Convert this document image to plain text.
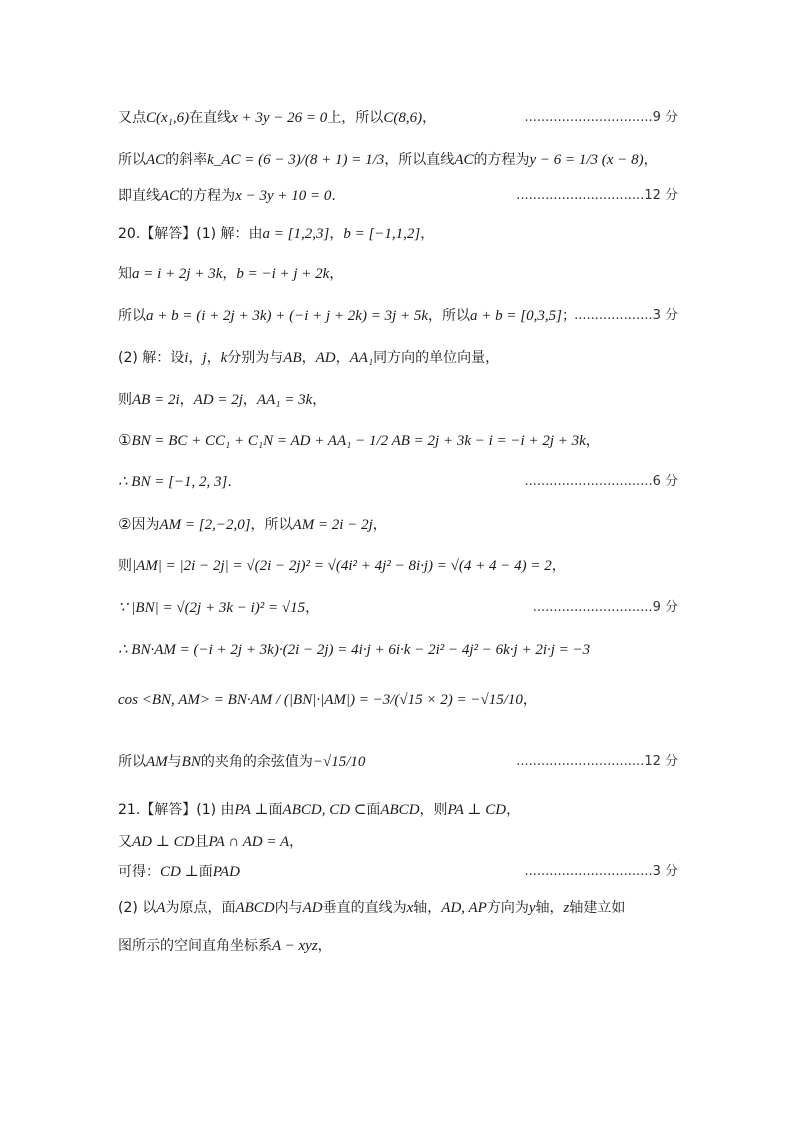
又点C(x₁,6)在直线x + 3y − 26 = 0上，所以C(8,6)，	...............................9 分
所以AC的斜率k_AC = (6 − 3)/(8 + 1) = 1/3，所以直线AC的方程为y − 6 = 1/3 (x − 8)，
即直线AC的方程为x − 3y + 10 = 0.	...............................12 分
20.【解答】(1) 解：由a = [1,2,3]，b = [−1,1,2]，
知a = i + 2j + 3k，b = −i + j + 2k，
所以a + b = (i + 2j + 3k) + (−i + j + 2k) = 3j + 5k，所以a + b = [0,3,5]；
...................3 分
(2) 解：设i，j，k分别为与AB，AD，AA₁同方向的单位向量，
则AB = 2i，AD = 2j，AA₁ = 3k，
①BN = BC + CC₁ + C₁N = AD + AA₁ − 1/2 AB = 2j + 3k − i = −i + 2j + 3k，
∴ BN = [−1, 2, 3].	...............................6 分
②因为AM = [2,−2,0]，所以AM = 2i − 2j，
则|AM| = |2i − 2j| = √(2i − 2j)² = √(4i² + 4j² − 8i·j) = √(4 + 4 − 4) = 2，
∵ |BN| = √(2j + 3k − i)² = √15，	.............................9 分
∴ BN·AM = (−i + 2j + 3k)·(2i − 2j) = 4i·j + 6i·k − 2i² − 4j² − 6k·j + 2i·j = −3
cos <BN, AM> = BN·AM / (|BN|·|AM|) = −3/(√15 × 2) = −√15/10，
所以AM与BN的夹角的余弦值为−√15/10	...............................12 分
21.【解答】(1) 由PA ⊥面ABCD, CD ⊂面ABCD，则PA ⊥ CD，
又AD ⊥ CD且PA ∩ AD = A，
可得：CD ⊥面PAD	...............................3 分
(2) 以A为原点，面ABCD内与AD垂直的直线为x轴，AD, AP方向为y轴，z轴建立如
图所示的空间直角坐标系A − xyz，
